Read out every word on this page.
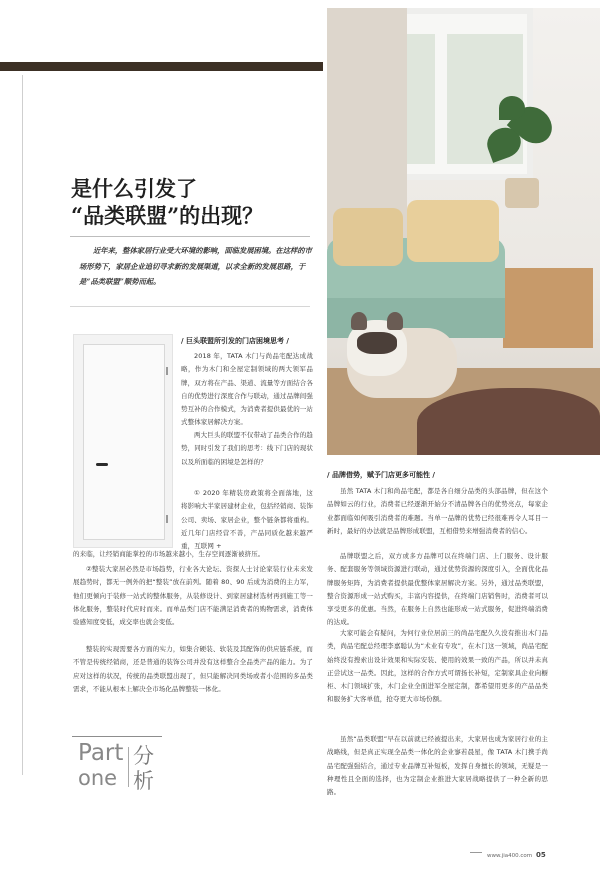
是什么引发了
“品类联盟”的出现？

近年来，整体家居行业受大环境的影响，面临发展困境。在这样的市场形势下，家居企业追切寻求新的发展渠道，以求全新的发展思路，于是“品类联盟”顺势而起。

/ 巨头联盟所引发的门店困境思考 /

2018 年，TATA 木门与尚品宅配达成战略，作为木门和全屋定制领域的两大领军品牌，双方将在产品、渠道、流量等方面结合各自的优势进行深度合作与联动，通过品牌间强势互补的合作模式，为消费者提供最优的一站式整体家居解决方案。

两大巨头的联盟不仅带动了品类合作的趋势，同时引发了我们的思考：线下门店的现状以及所面临的困境是怎样的？

① 2020 年精装房政策将全面落地，这将影响大半家居建材企业，包括经销商、装饰公司、卖场、家居企业，整个链条都将重构。近几年门店经营不善，产品同质化越来越严重，互联网 +

的来临，让经销商能掌控的市场越来越小，生存空间逐渐被挤压。

②整装大家居必然是市场趋势，行业各大论坛、资探人士讨论家装行业未来发展趋势时，都无一例外的把“整装”放在前列。随着 80、90 后成为消费的主力军，他们更倾向于装修一站式的整体服务，从装修设计、到家居建材选材再到施工等一体化服务，整装时代应时而来。而单品类门店不能满足消费者的购物需求，消费体验感知度变低，成交率也就会变低。

整装的实现需要各方面的实力，如集合硬装、软装及其配饰的供应链系统，而不管是传统经销商，还是普通的装饰公司并没有这样整合全品类产品的能力。为了应对这样的状况，传统的品类联盟出现了，但只能解决同类场或者小范围的多品类需求，不能从根本上解决全市场化品牌整装一体化。

/ 品牌借势，赋予门店更多可能性 /

虽然 TATA 木门和尚品宅配，都是各自细分品类的头部品牌，但在这个品牌如云的行业，消费者已经逐渐开始分不清品牌各自的优势亮点，每家企业都面临如何吸引消费者的难题。当单一品牌的优势已经很难再令人耳目一新时，最好的办法就是品牌形成联盟，互相借势来增强消费者的信心。

品牌联盟之后，双方或多方品牌可以在终端门店、上门服务、设计服务、配套服务等领域资源进行联动，通过优势资源的深度引入，全面优化品牌服务矩阵，为消费者提供最优整体家居解决方案。另外，通过品类联盟，整合资源形成一站式购买，丰富内容提供，在终端门店销售时，消费者可以享受更多的优惠。当然，在服务上自然也能形成一站式服务，促进终端消费的达成。

大家可能会有疑问，为何行业位居前三的尚品宅配久久没有推出木门品类，尚品宅配总经理李嘉聪认为“术业有专攻”，在木门这一领域，尚品宅配始终没有搜索出设计效果和实际安装、使用的效果一致的产品，所以并未真正尝试这一品类。因此，这样的合作方式可谓扬长补短，定制家具企业向橱柜、木门领域扩张，木门企业全面进军全屋定制，都希望用更多的产品品类和服务扩大客单值，抢夺更大市场份额。

虽然“品类联盟”早在以前就已经被提出来，大家居也成为家居行业的主战略线，但是真正实现全品类一体化的企业寥若晨星，像 TATA 木门携手尚品宅配强强结合，通过专业品牌互补短板，发挥自身擅长的领域，无疑是一种理性且全面的选择，也为定制企业推进大家居战略提供了一种全新的思路。

Part
one
分
析
www.jia400.com 05
